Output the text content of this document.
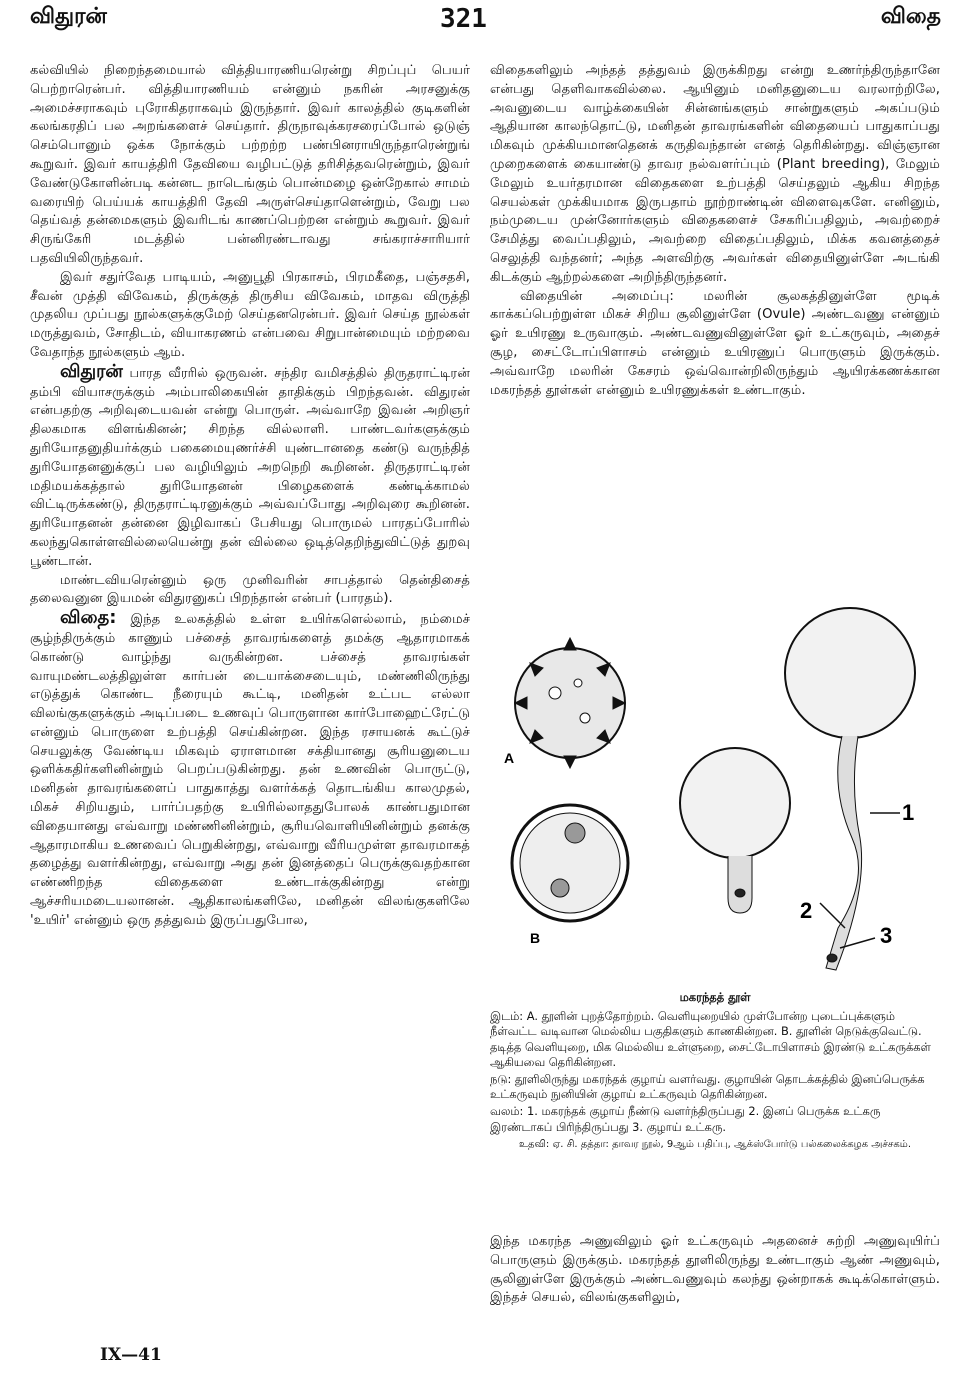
விதுரன்	321	விதை

கல்வியில் நிறைந்தமையால் வித்தியாரணியரென்று சிறப்புப் பெயர் பெற்றாரென்பர். வித்தியாரணியம் என்னும் நகரின் அரசனுக்கு அமைச்சராகவும் புரோகிதராகவும் இருந்தார். இவர் காலத்தில் குடிகளின் கலங்கரதிப் பல அறங்களைச் செய்தார். திருநாவுக்கரசரைப்போல் ஒடுஞ் செம்பொனும் ஒக்க நோக்கும் பற்றற்ற பண்பினராயிருந்தாரென்றுங் கூறுவர். இவர் காயத்திரி தேவியை வழிபட்டுத் தரிசித்தவரென்றும், இவர் வேண்டுகோளின்படி கன்னட நாடெங்கும் பொன்மழை ஒன்றேகால் சாமம் வரையிற் பெய்யக் காயத்திரி தேவி அருள்செய்தாளென்றும், வேறு பல தெய்வத் தன்மைகளும் இவரிடங் காணப்பெற்றன என்றும் கூறுவர். இவர் சிருங்கேரி மடத்தில் பன்னிரண்டாவது சங்கராச்சாரியார் பதவியிலிருந்தவர்.

இவர் சதுர்வேத பாடியம், அனுபூதி பிரகாசம், பிரமகீதை, பஞ்சதசி, சீவன் முத்தி விவேகம், திருக்குத் திருசிய விவேகம், மாதவ விருத்தி முதலிய முப்பது நூல்களுக்குமேற் செய்தனரென்பர். இவர் செய்த நூல்கள் மருத்துவம், சோதிடம், வியாகரணம் என்பவை சிறுபான்மையும் மற்றவை வேதாந்த நூல்களும் ஆம்.

விதுரன் பாரத வீரரில் ஒருவன். சந்திர வமிசத்தில் திருதராட்டிரன் தம்பி வியாசருக்கும் அம்பாலிகையின் தாதிக்கும் பிறந்தவன். விதுரன் என்பதற்கு அறிவுடையவன் என்று பொருள். அவ்வாறே இவன் அறிஞர் திலகமாக விளங்கினன்; சிறந்த வில்லாளி. பாண்டவர்களுக்கும் துரியோதனுதியர்க்கும் பகைமையுணர்ச்சி யுண்டானதை கண்டு வருந்தித் துரியோதனனுக்குப் பல வழியிலும் அறநெறி கூறினன். திருதராட்டிரன் மதிமயக்கத்தால் துரியோதனன் பிழைகளைக் கண்டிக்காமல் விட்டிருக்கண்டு, திருதராட்டிரனுக்கும் அவ்வப்போது அறிவுரை கூறினன். துரியோதனன் தன்னை இழிவாகப் பேசியது பொருமல் பாரதப்போரில் கலந்துகொள்ளவில்லையென்று தன் வில்லை ஒடித்தெறிந்துவிட்டுத் துறவு பூண்டான்.

மாண்டவியரென்னும் ஒரு முனிவரின் சாபத்தால் தென்திசைத் தலைவனுன இயமன் விதுரனுகப் பிறந்தான் என்பர் (பாரதம்).

விதை: இந்த உலகத்தில் உள்ள உயிர்களெல்லாம், நம்மைச் சூழ்ந்திருக்கும் காணும் பச்சைத் தாவரங்களைத் தமக்கு ஆதாரமாகக் கொண்டு வாழ்ந்து வருகின்றன. பச்சைத் தாவரங்கள் வாயுமண்டலத்திலுள்ள கார்பன் டையாக்சைடையும், மண்ணிலிருந்து எடுத்துக் கொண்ட நீரையும் கூட்டி, மனிதன் உட்பட எல்லா விலங்குகளுக்கும் அடிப்படை உணவுப் பொருளான கார்போஹைட்ரேட்டு என்னும் பொருளை உற்பத்தி செய்கின்றன. இந்த ரசாயனக் கூட்டுச் செயலுக்கு வேண்டிய மிகவும் ஏராளமான சக்தியானது சூரியனுடைய ஒளிக்கதிர்களினின்றும் பெறப்படுகின்றது. தன் உணவின் பொருட்டு, மனிதன் தாவரங்களைப் பாதுகாத்து வளர்க்கத் தொடங்கிய காலமுதல், மிகச் சிறியதும், பார்ப்பதற்கு உயிரில்லாததுபோலக் காண்பதுமான விதையானது எவ்வாறு மண்ணினின்றும், சூரியவொளியினின்றும் தனக்கு ஆதாரமாகிய உணவைப் பெறுகின்றது, எவ்வாறு வீரியமுள்ள தாவரமாகத் தழைத்து வளர்கின்றது, எவ்வாறு அது தன் இனத்தைப் பெருக்குவதற்கான எண்ணிறந்த விதைகளை உண்டாக்குகின்றது என்று ஆச்சரியமடையலானன். ஆதிகாலங்களிலே, மனிதன் விலங்குகளிலே 'உயிர்' என்னும் ஒரு தத்துவம் இருப்பதுபோல,

விதைகளிலும் அந்தத் தத்துவம் இருக்கிறது என்று உணர்ந்திருந்தானே என்பது தெளிவாகவில்லை. ஆயினும் மனிதனுடைய வரலாற்றிலே, அவனுடைய வாழ்க்கையின் சின்னங்களும் சான்றுகளும் அகப்படும் ஆதியான காலந்தொட்டு, மனிதன் தாவரங்களின் விதையைப் பாதுகாப்பது மிகவும் முக்கியமானதெனக் கருதிவந்தான் எனத் தெரிகின்றது. விஞ்ஞான முறைகளைக் கையாண்டு தாவர நல்வளர்ப்பும் (Plant breeding), மேலும் மேலும் உயர்தரமான விதைகளை உற்பத்தி செய்தலும் ஆகிய சிறந்த செயல்கள் முக்கியமாக இருபதாம் நூற்றாண்டின் விளைவுகளே. எனினும், நம்முடைய முன்னோர்களும் விதைகளைச் சேகரிப்பதிலும், அவற்றைச் சேமித்து வைப்பதிலும், அவற்றை விதைப்பதிலும், மிக்க கவனத்தைச் செலுத்தி வந்தனர்; அந்த அளவிற்கு அவர்கள் விதையினுள்ளே அடங்கி கிடக்கும் ஆற்றல்களை அறிந்திருந்தனர்.

விதையின் அமைப்பு: மலரின் சூலகத்தினுள்ளே மூடிக் காக்கப்பெற்றுள்ள மிகச் சிறிய சூலினுள்ளே (Ovule) அண்டவணு என்னும் ஓர் உயிரணு உருவாகும். அண்டவணுவினுள்ளே ஓர் உட்கருவும், அதைச் சூழ, சைட்டோப்பிளாசம் என்னும் உயிரணுப் பொருளும் இருக்கும். அவ்வாறே மலரின் கேசரம் ஒவ்வொன்றிலிருந்தும் ஆயிரக்கணக்கான மகரந்தத் தூள்கள் என்னும் உயிரணுக்கள் உண்டாகும்.

A
B
1
2
3
மகரந்தத் தூள்

இடம்: A. தூளின் புறத்தோற்றம். வெளியுறையில் முள்போன்ற புடைப்புக்களும் நீள்வட்ட வடிவான மெல்லிய பகுதிகளும் காணகின்றன. B. தூளின் நெடுக்குவெட்டு. தடித்த வெளியுறை, மிக மெல்லிய உள்ளுறை, சைட்டோபிளாசம் இரண்டு உட்கருக்கள் ஆகியவை தெரிகின்றன.

நடு: தூளிலிருந்து மகரந்தக் குழாய் வளர்வது. குழாயின் தொடக்கத்தில் இனப்பெருக்க உட்கருவும் நுனியின் குழாய் உட்கருவும் தெரிகின்றன.

வலம்: 1. மகரந்தக் குழாய் நீண்டு வளர்ந்திருப்பது 2. இனப் பெருக்க உட்கரு இரண்டாகப் பிரிந்திருப்பது 3. குழாய் உட்கரு.

உதவி: ஏ. சி. தத்தா: தாவர நூல், 9ஆம் பதிப்பு, ஆக்ஸ்போர்டு பல்கலைக்கழக அச்சகம்.

இந்த மகரந்த அணுவிலும் ஓர் உட்கருவும் அதனைச் சுற்றி அணுவுயிர்ப் பொருளும் இருக்கும். மகரந்தத் தூளிலிருந்து உண்டாகும் ஆண் அணுவும், சூலினுள்ளே இருக்கும் அண்டவணுவும் கலந்து ஒன்றாகக் கூடிக்கொள்ளும். இந்தச் செயல், விலங்குகளிலும்,

IX—41
